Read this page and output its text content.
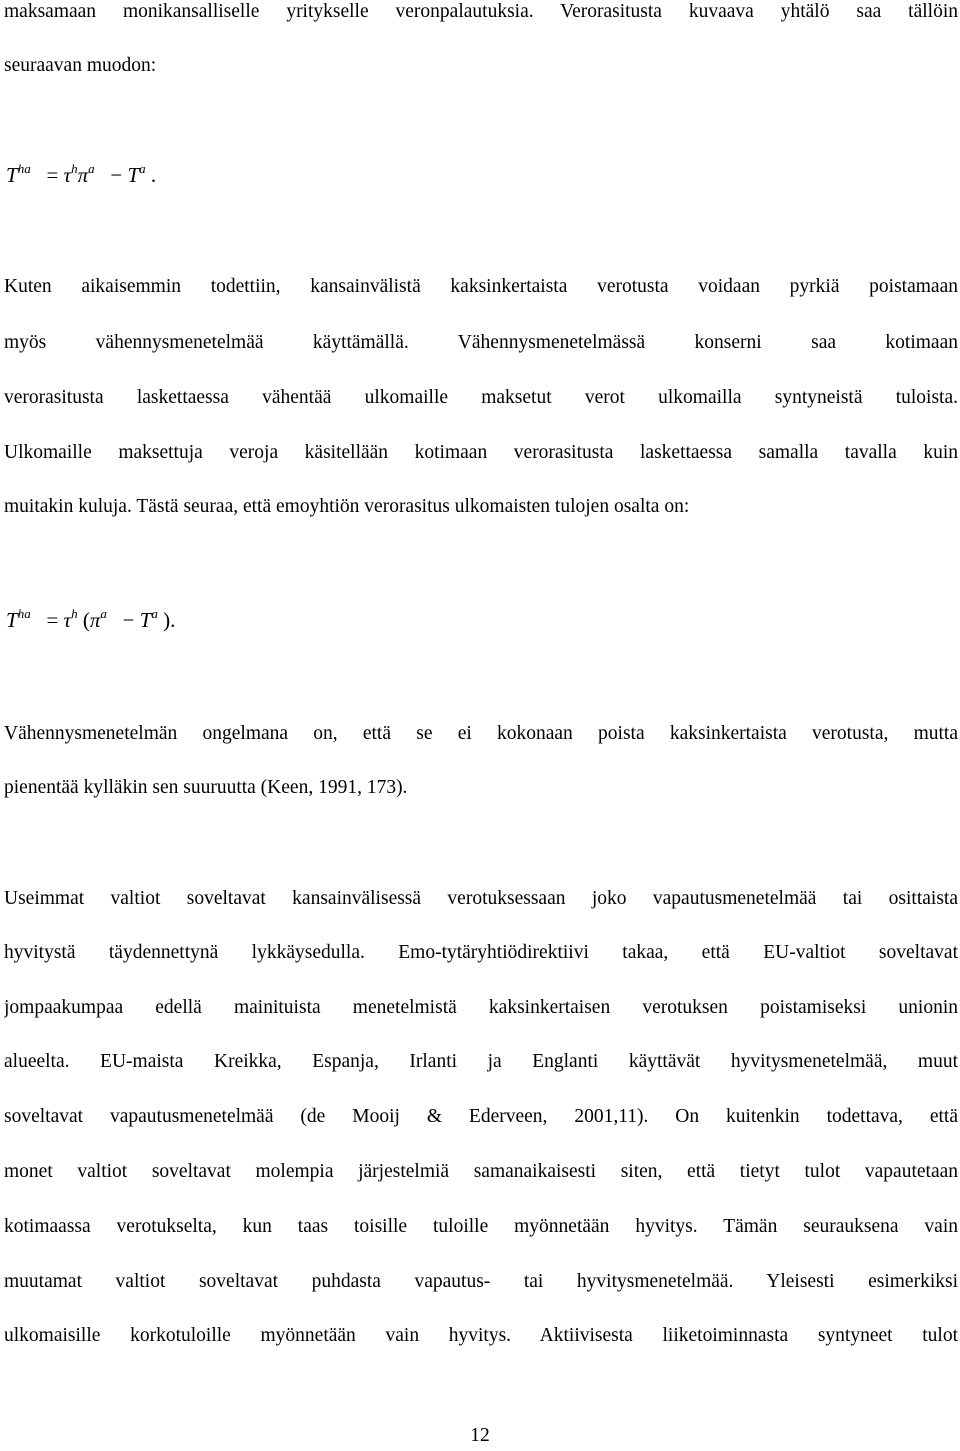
maksamaan monikansalliselle yritykselle veronpalautuksia. Verorasitusta kuvaava yhtälö saa tällöin
seuraavan muodon:
$T^{ha} = \tau^h\pi^a - T^a$ .
Kuten aikaisemmin todettiin, kansainvälistä kaksinkertaista verotusta voidaan pyrkiä poistamaan
myös vähennysmenetelmää käyttämällä. Vähennysmenetelmässä konserni saa kotimaan
verorasitusta laskettaessa vähentää ulkomaille maksetut verot ulkomailla syntyneistä tuloista.
Ulkomaille maksettuja veroja käsitellään kotimaan verorasitusta laskettaessa samalla tavalla kuin
muitakin kuluja. Tästä seuraa, että emoyhtiön verorasitus ulkomaisten tulojen osalta on:
$T^{ha} = \tau^h$ ($\pi^a - T^a$ ).
Vähennysmenetelmän ongelmana on, että se ei kokonaan poista kaksinkertaista verotusta, mutta
pienentää kylläkin sen suuruutta (Keen, 1991, 173).
Useimmat valtiot soveltavat kansainvälisessä verotuksessaan joko vapautusmenetelmää tai osittaista
hyvitystä täydennettynä lykkäysedulla. Emo-tytäryhtiödirektiivi takaa, että EU-valtiot soveltavat
jompaakumpaa edellä mainituista menetelmistä kaksinkertaisen verotuksen poistamiseksi unionin
alueelta. EU-maista Kreikka, Espanja, Irlanti ja Englanti käyttävät hyvitysmenetelmää, muut
soveltavat vapautusmenetelmää (de Mooij & Ederveen, 2001,11). On kuitenkin todettava, että
monet valtiot soveltavat molempia järjestelmiä samanaikaisesti siten, että tietyt tulot vapautetaan
kotimaassa verotukselta, kun taas toisille tuloille myönnetään hyvitys. Tämän seurauksena vain
muutamat valtiot soveltavat puhdasta vapautus- tai hyvitysmenetelmää. Yleisesti esimerkiksi
ulkomaisille korkotuloille myönnetään vain hyvitys. Aktiivisesta liiketoiminnasta syntyneet tulot
12
